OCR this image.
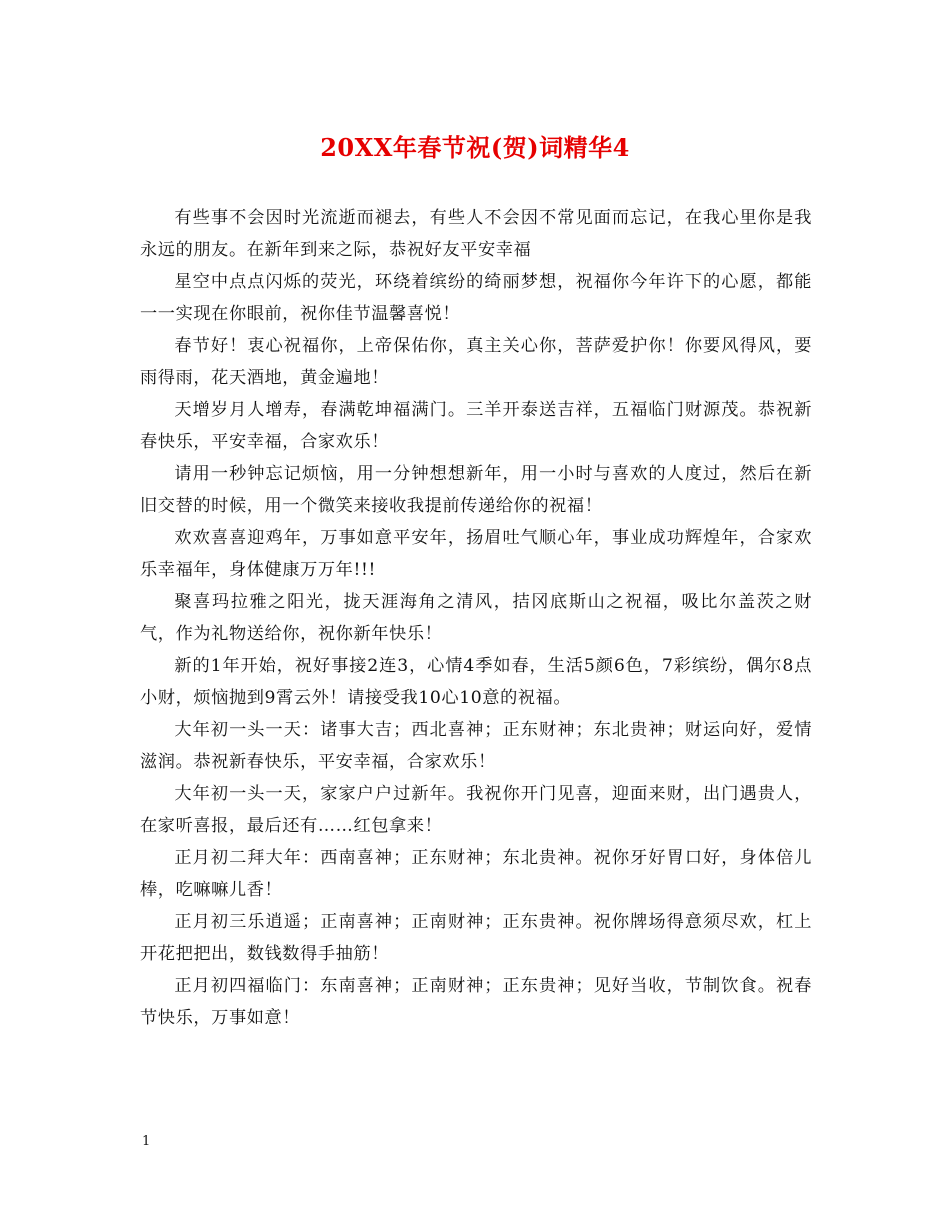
20XX年春节祝(贺)词精华4

有些事不会因时光流逝而褪去，有些人不会因不常见面而忘记，在我心里你是我永远的朋友。在新年到来之际，恭祝好友平安幸福

星空中点点闪烁的荧光，环绕着缤纷的绮丽梦想，祝福你今年许下的心愿，都能一一实现在你眼前，祝你佳节温馨喜悦！

春节好！衷心祝福你，上帝保佑你，真主关心你，菩萨爱护你！你要风得风，要雨得雨，花天酒地，黄金遍地！

天增岁月人增寿，春满乾坤福满门。三羊开泰送吉祥，五福临门财源茂。恭祝新春快乐，平安幸福，合家欢乐！

请用一秒钟忘记烦恼，用一分钟想想新年，用一小时与喜欢的人度过，然后在新旧交替的时候，用一个微笑来接收我提前传递给你的祝福！

欢欢喜喜迎鸡年，万事如意平安年，扬眉吐气顺心年，事业成功辉煌年，合家欢乐幸福年，身体健康万万年!!!

聚喜玛拉雅之阳光，拢天涯海角之清风，拮冈底斯山之祝福，吸比尔盖茨之财气，作为礼物送给你，祝你新年快乐！

新的1年开始，祝好事接2连3，心情4季如春，生活5颜6色，7彩缤纷，偶尔8点小财，烦恼抛到9霄云外！请接受我10心10意的祝福。

大年初一头一天：诸事大吉；西北喜神；正东财神；东北贵神；财运向好，爱情滋润。恭祝新春快乐，平安幸福，合家欢乐！

大年初一头一天，家家户户过新年。我祝你开门见喜，迎面来财，出门遇贵人，在家听喜报，最后还有……红包拿来！

正月初二拜大年：西南喜神；正东财神；东北贵神。祝你牙好胃口好，身体倍儿棒，吃嘛嘛儿香！

正月初三乐逍遥；正南喜神；正南财神；正东贵神。祝你牌场得意须尽欢，杠上开花把把出，数钱数得手抽筋！

正月初四福临门：东南喜神；正南财神；正东贵神；见好当收，节制饮食。祝春节快乐，万事如意！

1
